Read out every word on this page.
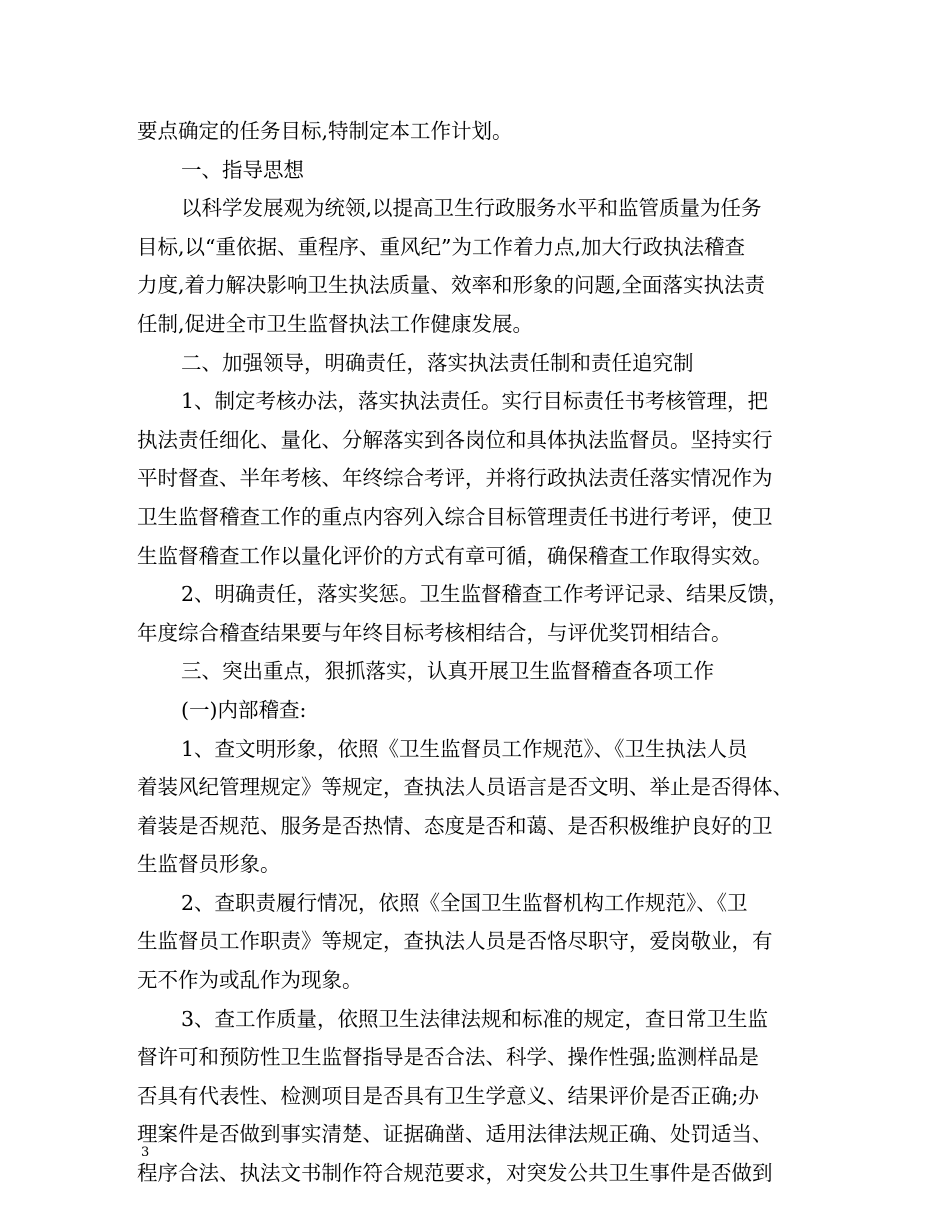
要点确定的任务目标,特制定本工作计划。
一、指导思想
以科学发展观为统领,以提高卫生行政服务水平和监管质量为任务
目标,以“重依据、重程序、重风纪”为工作着力点,加大行政执法稽查
力度,着力解决影响卫生执法质量、效率和形象的问题,全面落实执法责
任制,促进全市卫生监督执法工作健康发展。
二、加强领导，明确责任，落实执法责任制和责任追究制
1、制定考核办法，落实执法责任。实行目标责任书考核管理，把
执法责任细化、量化、分解落实到各岗位和具体执法监督员。坚持实行
平时督查、半年考核、年终综合考评，并将行政执法责任落实情况作为
卫生监督稽查工作的重点内容列入综合目标管理责任书进行考评，使卫
生监督稽查工作以量化评价的方式有章可循，确保稽查工作取得实效。
2、明确责任，落实奖惩。卫生监督稽查工作考评记录、结果反馈，
年度综合稽查结果要与年终目标考核相结合，与评优奖罚相结合。
三、突出重点，狠抓落实，认真开展卫生监督稽查各项工作
(一)内部稽查:
1、查文明形象，依照《卫生监督员工作规范》、《卫生执法人员
着装风纪管理规定》等规定，查执法人员语言是否文明、举止是否得体、
着装是否规范、服务是否热情、态度是否和蔼、是否积极维护良好的卫
生监督员形象。
2、查职责履行情况，依照《全国卫生监督机构工作规范》、《卫
生监督员工作职责》等规定，查执法人员是否恪尽职守，爱岗敬业，有
无不作为或乱作为现象。
3、查工作质量，依照卫生法律法规和标准的规定，查日常卫生监
督许可和预防性卫生监督指导是否合法、科学、操作性强;监测样品是
否具有代表性、检测项目是否具有卫生学意义、结果评价是否正确;办
理案件是否做到事实清楚、证据确凿、适用法律法规正确、处罚适当、
程序合法、执法文书制作符合规范要求，对突发公共卫生事件是否做到
3
